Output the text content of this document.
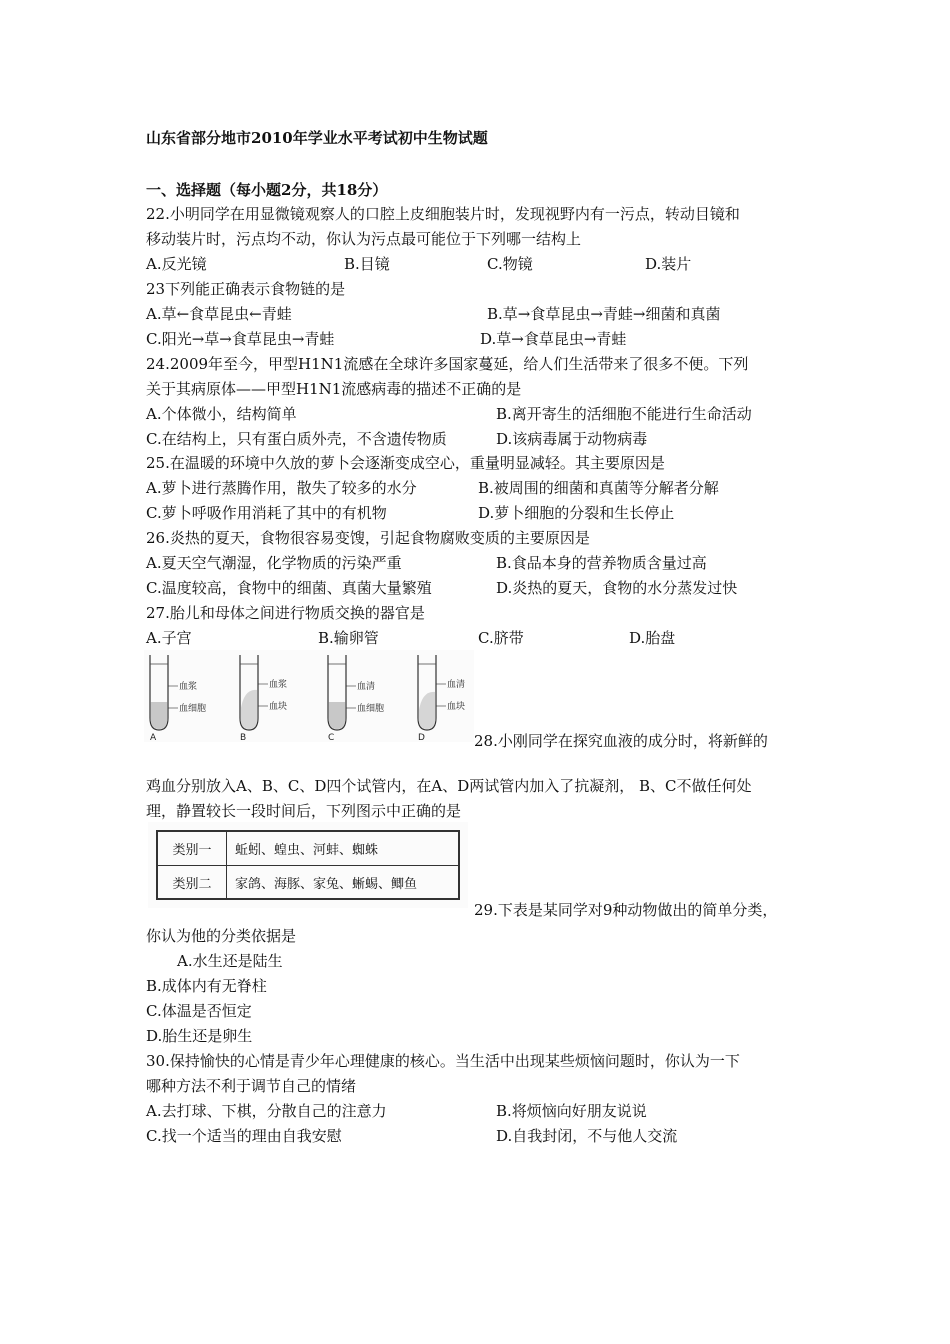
山东省部分地市2010年学业水平考试初中生物试题
一、选择题（每小题2分，共18分）
22.小明同学在用显微镜观察人的口腔上皮细胞装片时，发现视野内有一污点，转动目镜和
移动装片时，污点均不动，你认为污点最可能位于下列哪一结构上
A.反光镜	B.目镜	C.物镜	D.装片
23下列能正确表示食物链的是
A.草←食草昆虫←青蛙	B.草→食草昆虫→青蛙→细菌和真菌
C.阳光→草→食草昆虫→青蛙	D.草→食草昆虫→青蛙
24.2009年至今，甲型H1N1流感在全球许多国家蔓延，给人们生活带来了很多不便。下列
关于其病原体——甲型H1N1流感病毒的描述不正确的是
A.个体微小，结构简单	B.离开寄生的活细胞不能进行生命活动
C.在结构上，只有蛋白质外壳，不含遗传物质	D.该病毒属于动物病毒
25.在温暖的环境中久放的萝卜会逐渐变成空心，重量明显减轻。其主要原因是
A.萝卜进行蒸腾作用，散失了较多的水分	B.被周围的细菌和真菌等分解者分解
C.萝卜呼吸作用消耗了其中的有机物	D.萝卜细胞的分裂和生长停止
26.炎热的夏天，食物很容易变馊，引起食物腐败变质的主要原因是
A.夏天空气潮湿，化学物质的污染严重	B.食品本身的营养物质含量过高
C.温度较高，食物中的细菌、真菌大量繁殖	D.炎热的夏天，食物的水分蒸发过快
27.胎儿和母体之间进行物质交换的器官是
A.子宫	B.输卵管	C.脐带	D.胎盘
血浆
血细胞
A
血浆
血块
B
血清
血细胞
C
血清
血块
D	28.小刚同学在探究血液的成分时，将新鲜的
鸡血分别放入A、B、C、D四个试管内，在A、D两试管内加入了抗凝剂， B、C不做任何处
理，静置较长一段时间后，下列图示中正确的是
类别一	蚯蚓、蝗虫、河蚌、蜘蛛
类别二	家鸽、海豚、家兔、蜥蜴、鲫鱼
29.下表是某同学对9种动物做出的简单分类，
你认为他的分类依据是
A.水生还是陆生
B.成体内有无脊柱
C.体温是否恒定
D.胎生还是卵生
30.保持愉快的心情是青少年心理健康的核心。当生活中出现某些烦恼问题时，你认为一下
哪种方法不利于调节自己的情绪
A.去打球、下棋，分散自己的注意力	B.将烦恼向好朋友说说
C.找一个适当的理由自我安慰	D.自我封闭，不与他人交流
